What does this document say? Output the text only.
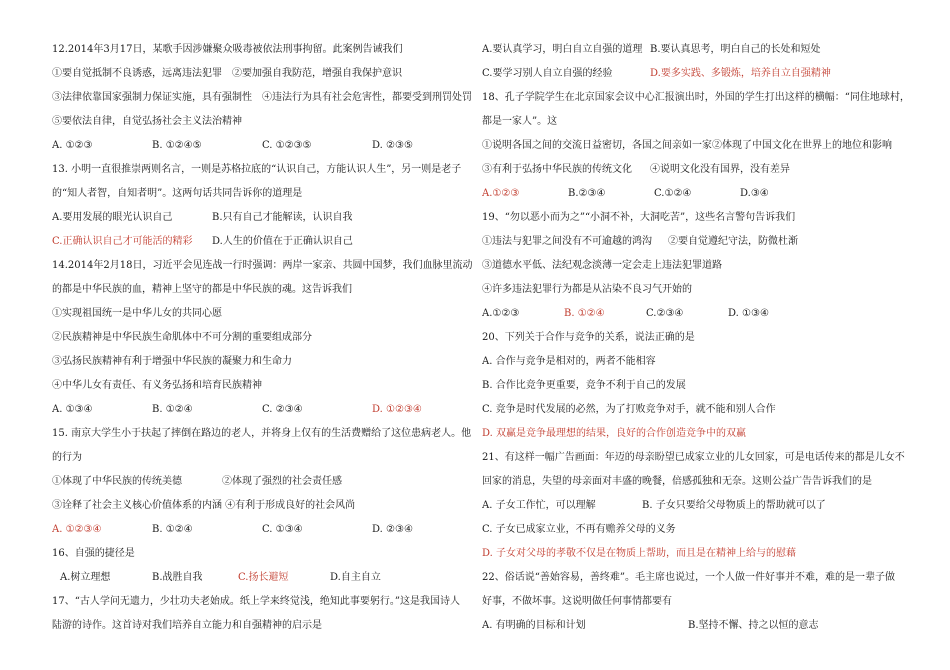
12.2014年3月17日，某歌手因涉嫌聚众吸毒被依法刑事拘留。此案例告诫我们
①要自觉抵制不良诱惑，远离违法犯罪　②要加强自我防范，增强自我保护意识
③法律依靠国家强制力保证实施，具有强制性　④违法行为具有社会危害性，都要受到刑罚处罚
⑤要依法自律，自觉弘扬社会主义法治精神
A. ①②③	B. ①②④⑤	C. ①②③⑤	D. ②③⑤
13. 小明一直很推崇两则名言，一则是苏格拉底的“认识自己，方能认识人生”，另一则是老子
的“知人者智，自知者明”。这两句话共同告诉你的道理是
A.要用发展的眼光认识自己	B.只有自己才能解读，认识自我
C.正确认识自己才可能活的精彩	D.人生的价值在于正确认识自己
14.2014年2月18日，习近平会见连战一行时强调：两岸一家亲、共圆中国梦，我们血脉里流动
的都是中华民族的血，精神上坚守的都是中华民族的魂。这告诉我们
①实现祖国统一是中华儿女的共同心愿
②民族精神是中华民族生命肌体中不可分割的重要组成部分
③弘扬民族精神有利于增强中华民族的凝聚力和生命力
④中华儿女有责任、有义务弘扬和培育民族精神
A. ①③④	B. ①②④	C. ②③④	D. ①②③④
15. 南京大学生小于扶起了摔倒在路边的老人，并将身上仅有的生活费赠给了这位患病老人。他
的行为
①体现了中华民族的传统美德	②体现了强烈的社会责任感
③诠释了社会主义核心价值体系的内涵 ④有利于形成良好的社会风尚
A. ①②③④	B. ①②④	C. ①③④	D. ②③④
16、自强的捷径是
A.树立理想	B.战胜自我	C.扬长避短	D.自主自立
17、“古人学问无遗力，少壮功夫老始成。纸上学来终觉浅，绝知此事要躬行。”这是我国诗人
陆游的诗作。这首诗对我们培养自立能力和自强精神的启示是
A.要认真学习，明白自立自强的道理 B.要认真思考，明白自己的长处和短处
C.要学习别人自立自强的经验	D.要多实践、多锻炼，培养自立自强精神
18、孔子学院学生在北京国家会议中心汇报演出时，外国的学生打出这样的横幅：“同住地球村，
都是一家人”。这
①说明各国之间的交流日益密切，各国之间亲如一家②体现了中国文化在世界上的地位和影响
③有利于弘扬中华民族的传统文化	④说明文化没有国界，没有差异
A.①②③	B.②③④	C.①②④	D.③④
19、“勿以恶小而为之”“小洞不补，大洞吃苦”，这些名言警句告诉我们
①违法与犯罪之间没有不可逾越的鸿沟	②要自觉遵纪守法，防微杜渐
③道德水平低、法纪观念淡薄一定会走上违法犯罪道路
④许多违法犯罪行为都是从沾染不良习气开始的
A.①②③	B. ①②④	C.②③④	D. ①③④
20、下列关于合作与竞争的关系，说法正确的是
A. 合作与竞争是相对的，两者不能相容
B. 合作比竞争更重要，竞争不利于自己的发展
C. 竞争是时代发展的必然，为了打败竞争对手，就不能和别人合作
D. 双赢是竞争最理想的结果，良好的合作创造竞争中的双赢
21、有这样一幅广告画面：年迈的母亲盼望已成家立业的儿女回家，可是电话传来的都是儿女不
回家的消息，失望的母亲面对丰盛的晚餐，倍感孤独和无奈。这则公益广告告诉我们的是
A. 子女工作忙，可以理解	B. 子女只要给父母物质上的帮助就可以了
C. 子女已成家立业，不再有赡养父母的义务
D. 子女对父母的孝敬不仅是在物质上帮助，而且是在精神上给与的慰藉
22、俗话说“善始容易，善终难”。毛主席也说过，一个人做一件好事并不难，难的是一辈子做
好事，不做坏事。这说明做任何事情都要有
A. 有明确的目标和计划	B.坚持不懈、持之以恒的意志
